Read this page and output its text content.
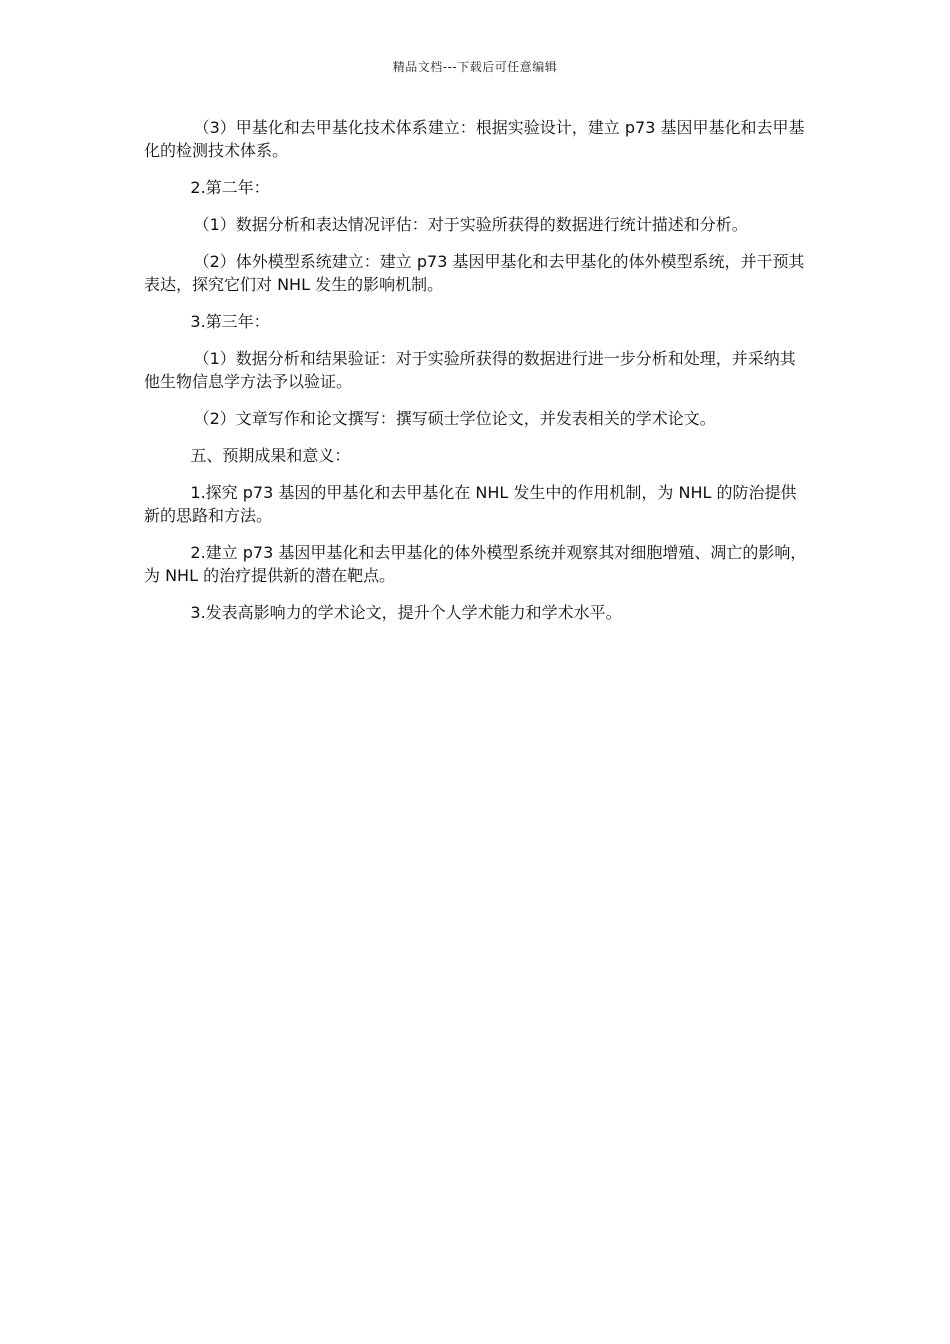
精品文档---下载后可任意编辑

（3）甲基化和去甲基化技术体系建立：根据实验设计，建立 p73 基因甲基化和去甲基化的检测技术体系。

2.第二年：

（1）数据分析和表达情况评估：对于实验所获得的数据进行统计描述和分析。

（2）体外模型系统建立：建立 p73 基因甲基化和去甲基化的体外模型系统，并干预其表达，探究它们对 NHL 发生的影响机制。

3.第三年：

（1）数据分析和结果验证：对于实验所获得的数据进行进一步分析和处理，并采纳其他生物信息学方法予以验证。

（2）文章写作和论文撰写：撰写硕士学位论文，并发表相关的学术论文。

五、预期成果和意义：

1.探究 p73 基因的甲基化和去甲基化在 NHL 发生中的作用机制，为 NHL 的防治提供新的思路和方法。

2.建立 p73 基因甲基化和去甲基化的体外模型系统并观察其对细胞增殖、凋亡的影响，为 NHL 的治疗提供新的潜在靶点。

3.发表高影响力的学术论文，提升个人学术能力和学术水平。
